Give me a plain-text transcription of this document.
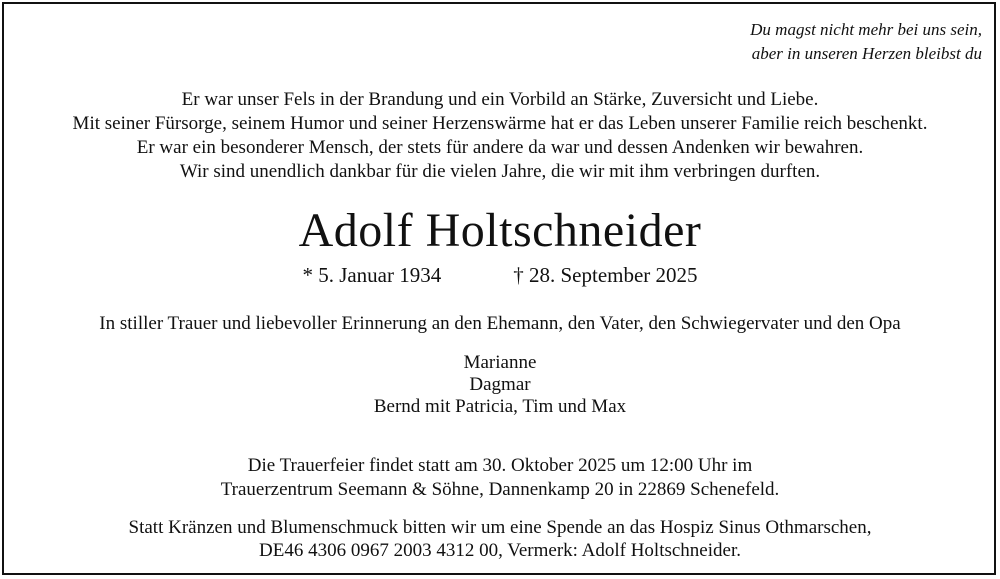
Du magst nicht mehr bei uns sein,
aber in unseren Herzen bleibst du
Er war unser Fels in der Brandung und ein Vorbild an Stärke, Zuversicht und Liebe.
Mit seiner Fürsorge, seinem Humor und seiner Herzenswärme hat er das Leben unserer Familie reich beschenkt.
Er war ein besonderer Mensch, der stets für andere da war und dessen Andenken wir bewahren.
Wir sind unendlich dankbar für die vielen Jahre, die wir mit ihm verbringen durften.
Adolf Holtschneider
* 5. Januar 1934	† 28. September 2025
In stiller Trauer und liebevoller Erinnerung an den Ehemann, den Vater, den Schwiegervater und den Opa
Marianne
Dagmar
Bernd mit Patricia, Tim und Max
Die Trauerfeier findet statt am 30. Oktober 2025 um 12:00 Uhr im
Trauerzentrum Seemann & Söhne, Dannenkamp 20 in 22869 Schenefeld.
Statt Kränzen und Blumenschmuck bitten wir um eine Spende an das Hospiz Sinus Othmarschen,
DE46 4306 0967 2003 4312 00, Vermerk: Adolf Holtschneider.
